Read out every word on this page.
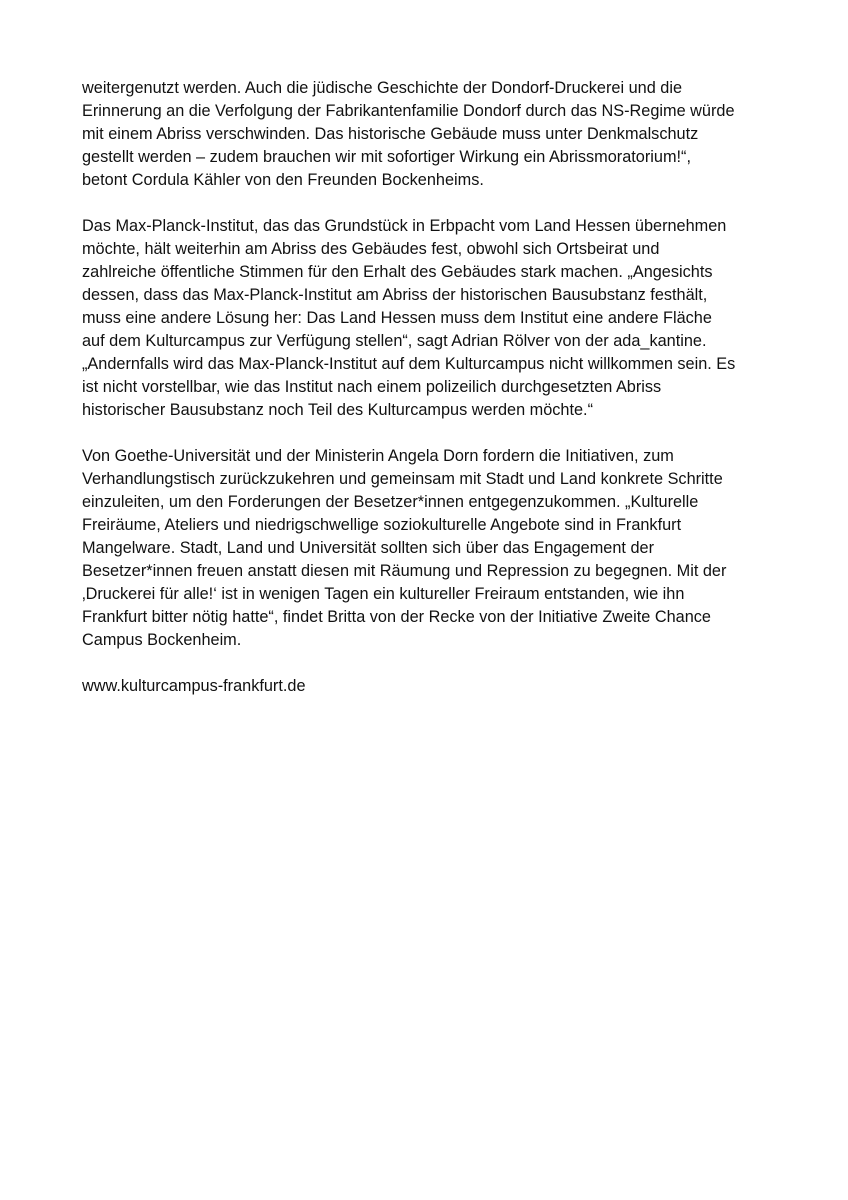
weitergenutzt werden. Auch die jüdische Geschichte der Dondorf-Druckerei und die
Erinnerung an die Verfolgung der Fabrikantenfamilie Dondorf durch das NS-Regime würde
mit einem Abriss verschwinden. Das historische Gebäude muss unter Denkmalschutz
gestellt werden – zudem brauchen wir mit sofortiger Wirkung ein Abrissmoratorium!“,
betont Cordula Kähler von den Freunden Bockenheims.

Das Max-Planck-Institut, das das Grundstück in Erbpacht vom Land Hessen übernehmen
möchte, hält weiterhin am Abriss des Gebäudes fest, obwohl sich Ortsbeirat und
zahlreiche öffentliche Stimmen für den Erhalt des Gebäudes stark machen. „Angesichts
dessen, dass das Max-Planck-Institut am Abriss der historischen Bausubstanz festhält,
muss eine andere Lösung her: Das Land Hessen muss dem Institut eine andere Fläche
auf dem Kulturcampus zur Verfügung stellen“, sagt Adrian Rölver von der ada_kantine.
„Andernfalls wird das Max-Planck-Institut auf dem Kulturcampus nicht willkommen sein. Es
ist nicht vorstellbar, wie das Institut nach einem polizeilich durchgesetzten Abriss
historischer Bausubstanz noch Teil des Kulturcampus werden möchte.“

Von Goethe-Universität und der Ministerin Angela Dorn fordern die Initiativen, zum
Verhandlungstisch zurückzukehren und gemeinsam mit Stadt und Land konkrete Schritte
einzuleiten, um den Forderungen der Besetzer*innen entgegenzukommen. „Kulturelle
Freiräume, Ateliers und niedrigschwellige soziokulturelle Angebote sind in Frankfurt
Mangelware. Stadt, Land und Universität sollten sich über das Engagement der
Besetzer*innen freuen anstatt diesen mit Räumung und Repression zu begegnen. Mit der
‚Druckerei für alle!‘ ist in wenigen Tagen ein kultureller Freiraum entstanden, wie ihn
Frankfurt bitter nötig hatte“, findet Britta von der Recke von der Initiative Zweite Chance
Campus Bockenheim.

www.kulturcampus-frankfurt.de
